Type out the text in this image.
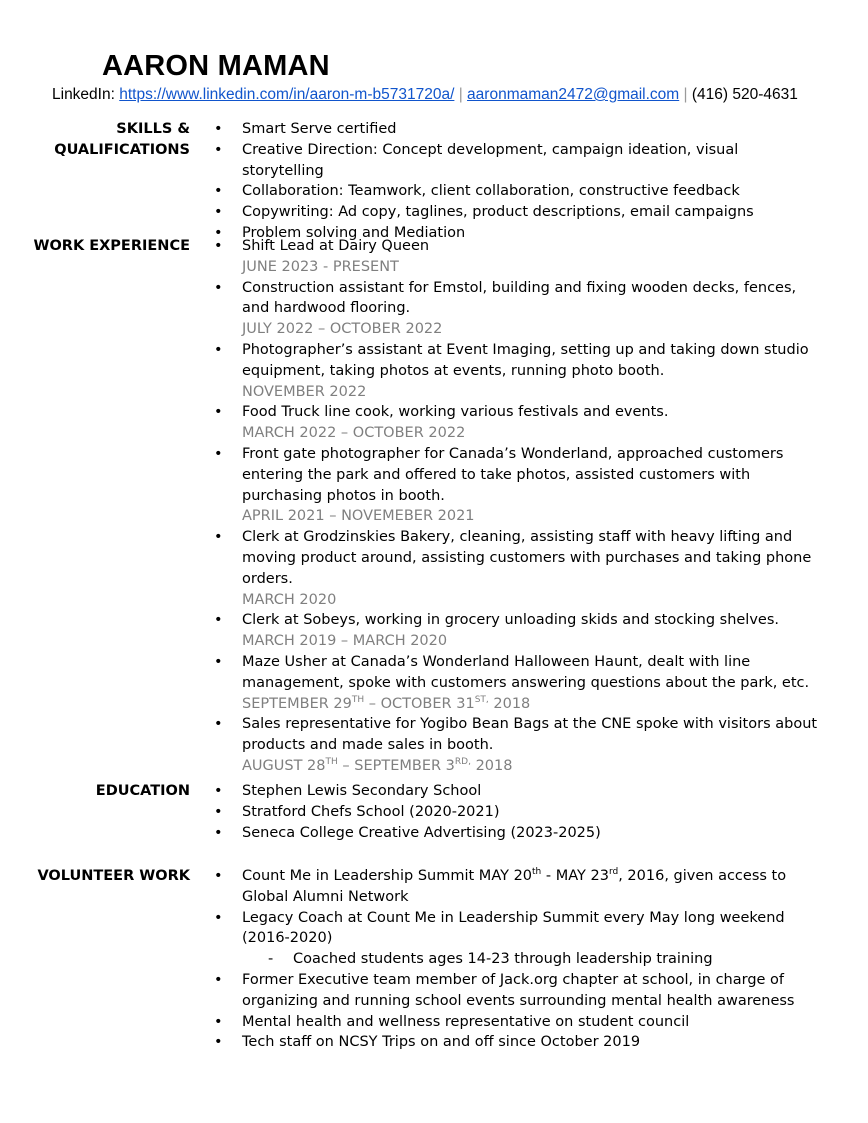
AARON MAMAN
LinkedIn: https://www.linkedin.com/in/aaron-m-b5731720a/ | aaronmaman2472@gmail.com | (416) 520-4631
SKILLS &
QUALIFICATIONS
• Smart Serve certified
• Creative Direction: Concept development, campaign ideation, visual storytelling
• Collaboration: Teamwork, client collaboration, constructive feedback
• Copywriting: Ad copy, taglines, product descriptions, email campaigns
• Problem solving and Mediation
WORK EXPERIENCE	• Shift Lead at Dairy Queen
JUNE 2023 - PRESENT
• Construction assistant for Emstol, building and fixing wooden decks, fences, and hardwood flooring.
JULY 2022 – OCTOBER 2022
• Photographer’s assistant at Event Imaging, setting up and taking down studio equipment, taking photos at events, running photo booth.
NOVEMBER 2022
• Food Truck line cook, working various festivals and events.
MARCH 2022 – OCTOBER 2022
• Front gate photographer for Canada’s Wonderland, approached customers entering the park and offered to take photos, assisted customers with purchasing photos in booth.
APRIL 2021 – NOVEMEBER 2021
• Clerk at Grodzinskies Bakery, cleaning, assisting staff with heavy lifting and moving product around, assisting customers with purchases and taking phone orders.
MARCH 2020
• Clerk at Sobeys, working in grocery unloading skids and stocking shelves.
MARCH 2019 – MARCH 2020
• Maze Usher at Canada’s Wonderland Halloween Haunt, dealt with line management, spoke with customers answering questions about the park, etc.
SEPTEMBER 29TH – OCTOBER $31^{ST,}$ 2018
• Sales representative for Yogibo Bean Bags at the CNE spoke with visitors about products and made sales in booth.
AUGUST 28TH – SEPTEMBER $3^{RD,}$ 2018
EDUCATION	• Stephen Lewis Secondary School
• Stratford Chefs School (2020-2021)
• Seneca College Creative Advertising (2023-2025)
VOLUNTEER WORK	• Count Me in Leadership Summit MAY 20th - MAY 23rd, 2016, given access to Global Alumni Network
• Legacy Coach at Count Me in Leadership Summit every May long weekend (2016-2020)
- Coached students ages 14-23 through leadership training
• Former Executive team member of Jack.org chapter at school, in charge of organizing and running school events surrounding mental health awareness
• Mental health and wellness representative on student council
• Tech staff on NCSY Trips on and off since October 2019
